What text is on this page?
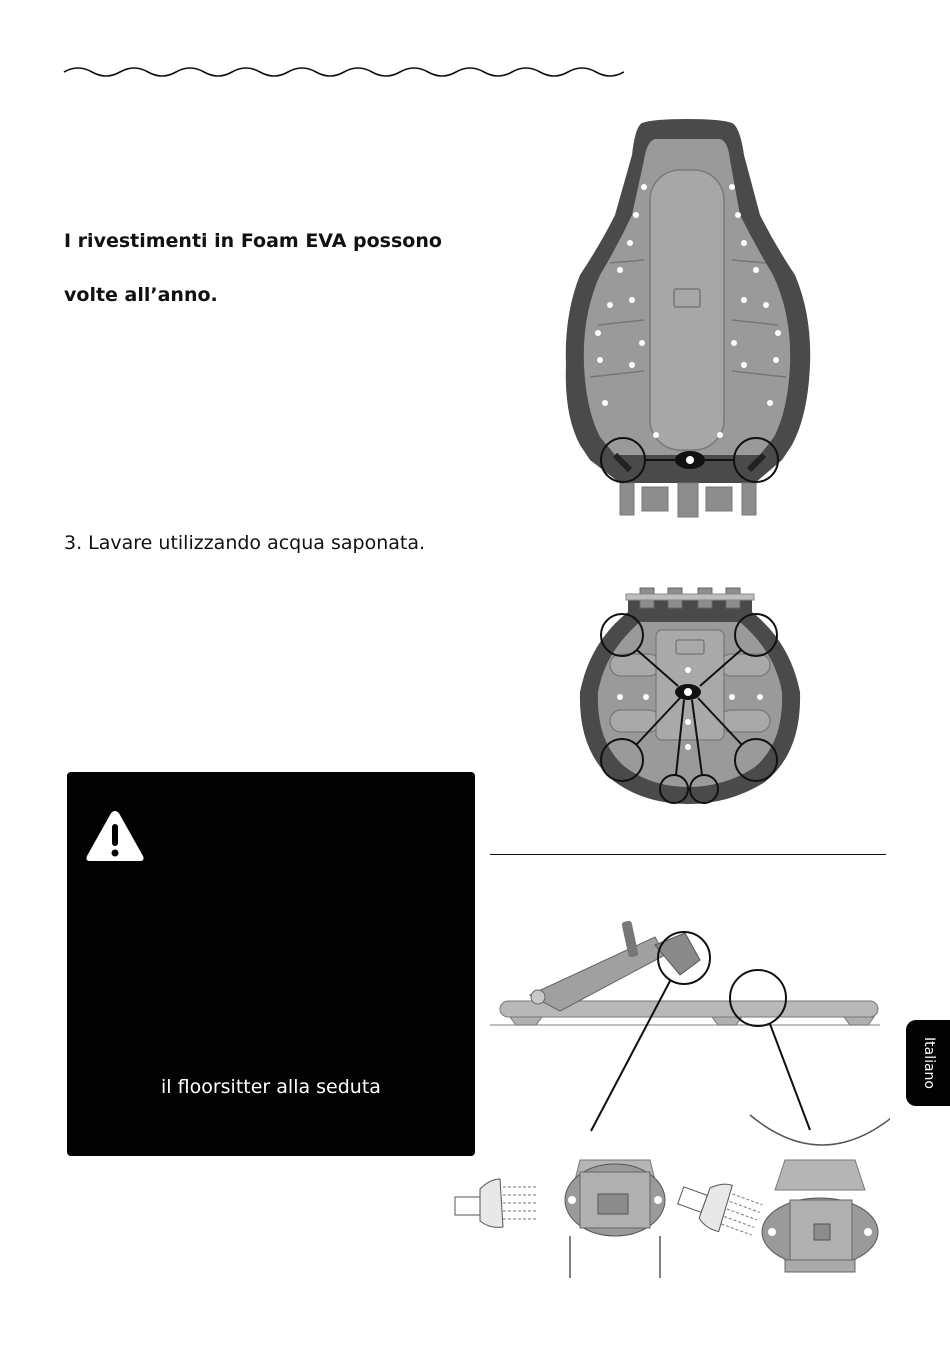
I rivestimenti in Foam EVA possono
volte all’anno.
3. Lavare utilizzando acqua saponata.
il floorsitter alla seduta	Italiano
